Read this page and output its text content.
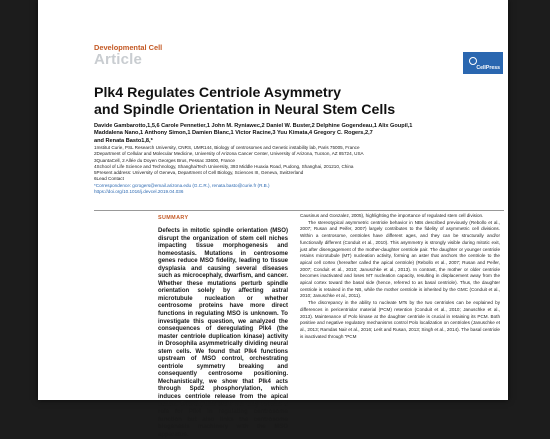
Developmental Cell
Article	CellPress
Plk4 Regulates Centriole Asymmetry
and Spindle Orientation in Neural Stem Cells
Davide Gambarotto,1,5,6 Carole Pennetier,1 John M. Ryniawec,2 Daniel W. Buster,2 Delphine Gogendeau,1 Alix Goupil,1
Maddalena Nano,1 Anthony Simon,1 Damien Blanc,1 Victor Racine,3 Yuu Kimata,4 Gregory C. Rogers,2,7
and Renata Basto1,8,*
1Institut Curie, PSL Research University, CNRS, UMR144, Biology of centrosomes and Genetic instability lab, Paris 75005, France
2Department of Cellular and Molecular Medicine, University of Arizona Cancer Center, University of Arizona, Tucson, AZ 85724, USA
3QuantaCell, 2 Allée du Doyen Georges Brus, Pessac 33600, France
4School of Life Science and Technology, ShanghaiTech University, 393 Middle Huaxia Road, Pudong, Shanghai, 201210, China
5Present address: University of Geneva, Department of Cell Biology, Sciences III, Geneva, Switzerland
6Lead Contact
*Correspondence: gcrogers@email.arizona.edu (G.C.R.), renata.basto@curie.fr (R.B.)
https://doi.org/10.1016/j.devcel.2019.04.036
SUMMARY
Defects in mitotic spindle orientation (MSO) disrupt the organization of stem cell niches impacting tissue morphogenesis and homeostasis. Mutations in centrosome genes reduce MSO fidelity, leading to tissue dysplasia and causing several diseases such as microcephaly, dwarfism, and cancer. Whether these mutations perturb spindle orientation solely by affecting astral microtubule nucleation or whether centrosome proteins have more direct functions in regulating MSO is unknown. To investigate this question, we analyzed the consequences of deregulating Plk4 (the master centriole duplication kinase) activity in Drosophila asymmetrically dividing neural stem cells. We found that Plk4 functions upstream of MSO control, orchestrating centriole symmetry breaking and consequently centrosome positioning. Mechanistically, we show that Plk4 acts through Spd2 phosphorylation, which induces centriole release from the apical cortex. Overall, this work not only reveals a role for Plk4 in regulating centrosome function but also links the centrosome biogenesis machinery with the MSO apparatus.

Causinus and Gonzalez, 2005), highlighting the importance of regulated stem cell division.

The stereotypical asymmetric centriole behavior in NBs described previously (Rebollo et al., 2007; Rusan and Peifer, 2007) largely contributes to the fidelity of asymmetric cell divisions. Within a centrosome, centrioles have different ages, and they can be structurally and/or functionally different (Conduit et al., 2010). This asymmetry is strongly visible during mitotic exit, just after disengagement of the mother-daughter centriole pair. The daughter or younger centriole retains microtubule (MT) nucleation activity, forming an aster that anchors the centriole to the apical cell cortex (hereafter called the apical centriole) (Rebollo et al., 2007; Rusan and Peifer, 2007; Conduit et al., 2010; Januschke et al., 2013). In contrast, the mother or older centriole becomes inactivated and loses MT nucleation capacity, resulting in displacement away from the apical cortex toward the basal side (hence, referred to as basal centriole). Thus, the daughter centriole is retained in the NB, while the mother centriole is inherited by the GMC (Conduit et al., 2010; Januschke et al., 2011).

The discrepancy in the ability to nucleate MTs by the two centrioles can be explained by differences in pericentriolar material (PCM) retention (Conduit et al., 2010; Januschke et al., 2013). Maintenance of Polo kinase at the daughter centriole is crucial in retaining its PCM. Both positive and negative regulatory mechanisms control Polo localization on centrioles (Januschke et al., 2013; Ramdas Nair et al., 2016; Lerit and Rusan, 2013; Singh et al., 2014). The basal centriole is inactivated through “PCM
